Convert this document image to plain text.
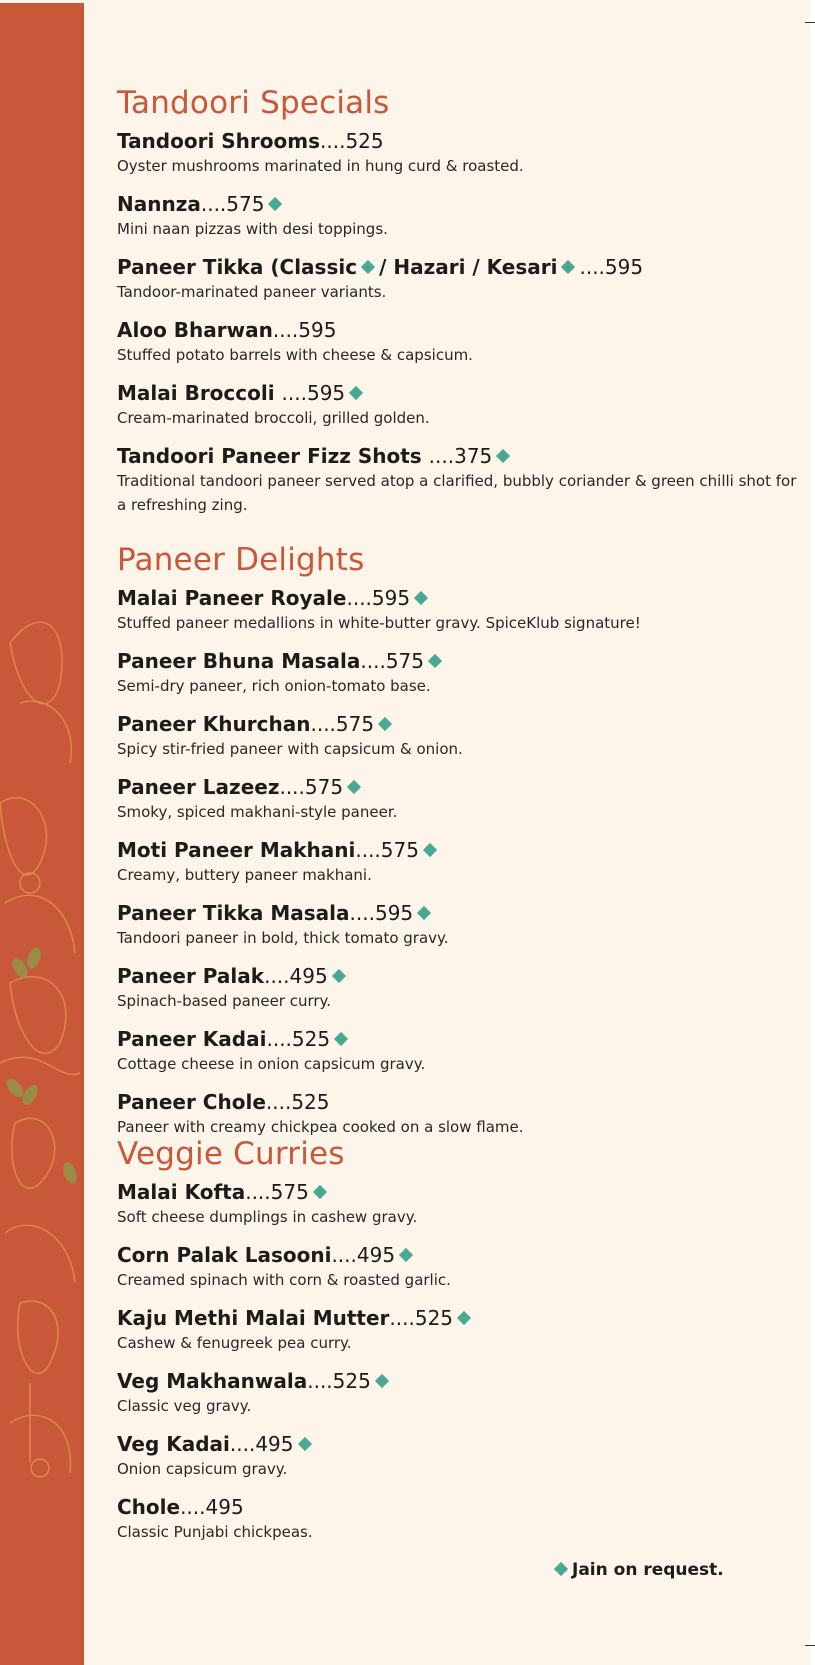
Tandoori Specials
Tandoori Shrooms....525
Oyster mushrooms marinated in hung curd & roasted.
Nannza....575
Mini naan pizzas with desi toppings.
Paneer Tikka (Classic / Hazari / Kesari ....595
Tandoor-marinated paneer variants.
Aloo Bharwan....595
Stuffed potato barrels with cheese & capsicum.
Malai Broccoli ....595
Cream-marinated broccoli, grilled golden.
Tandoori Paneer Fizz Shots ....375
Traditional tandoori paneer served atop a clarified, bubbly coriander & green chilli shot for a refreshing zing.
Paneer Delights
Malai Paneer Royale....595
Stuffed paneer medallions in white-butter gravy. SpiceKlub signature!
Paneer Bhuna Masala....575
Semi-dry paneer, rich onion-tomato base.
Paneer Khurchan....575
Spicy stir-fried paneer with capsicum & onion.
Paneer Lazeez....575
Smoky, spiced makhani-style paneer.
Moti Paneer Makhani....575
Creamy, buttery paneer makhani.
Paneer Tikka Masala....595
Tandoori paneer in bold, thick tomato gravy.
Paneer Palak....495
Spinach-based paneer curry.
Paneer Kadai....525
Cottage cheese in onion capsicum gravy.
Paneer Chole....525
Paneer with creamy chickpea cooked on a slow flame.
Veggie Curries
Malai Kofta....575
Soft cheese dumplings in cashew gravy.
Corn Palak Lasooni....495
Creamed spinach with corn & roasted garlic.
Kaju Methi Malai Mutter....525
Cashew & fenugreek pea curry.
Veg Makhanwala....525
Classic veg gravy.
Veg Kadai....495
Onion capsicum gravy.
Chole....495
Classic Punjabi chickpeas.
Jain on request.
